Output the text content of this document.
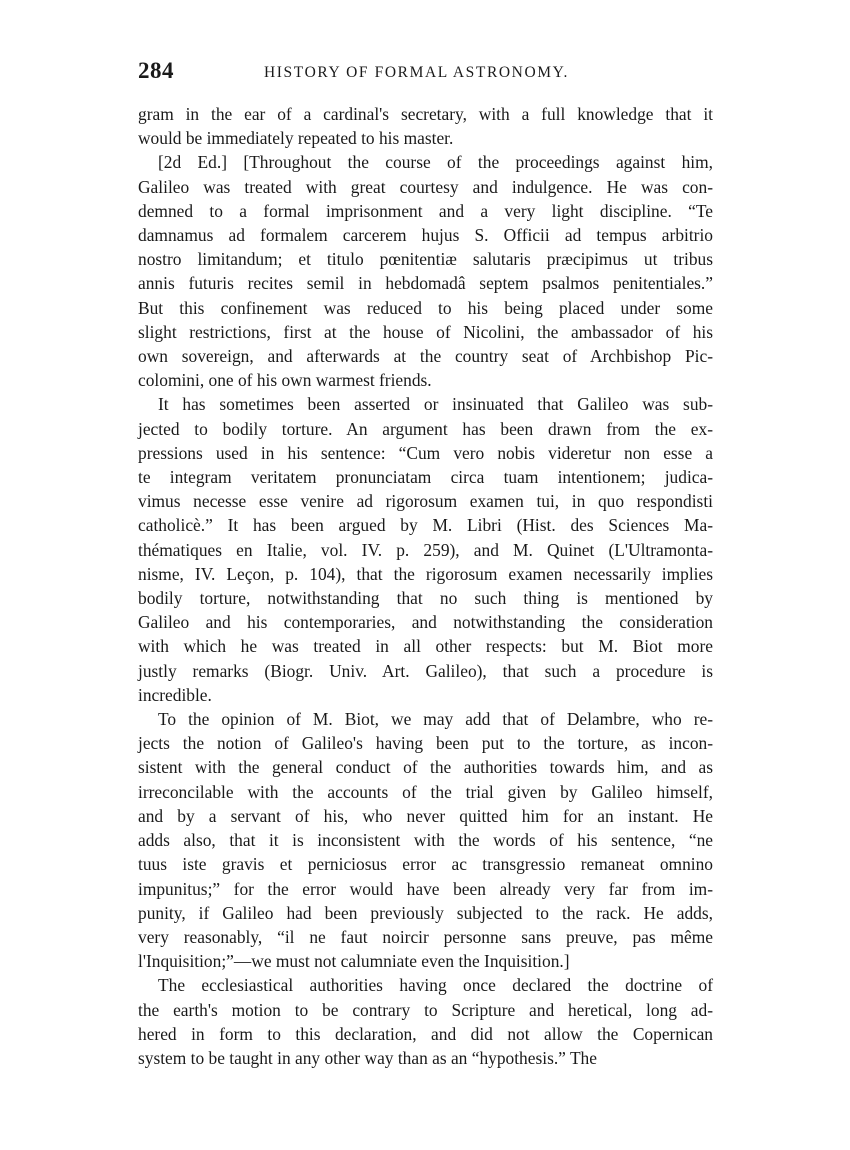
284	HISTORY OF FORMAL ASTRONOMY.

gram in the ear of a cardinal's secretary, with a full knowledge that it
would be immediately repeated to his master.

[2d Ed.] [Throughout the course of the proceedings against him,
Galileo was treated with great courtesy and indulgence. He was con-
demned to a formal imprisonment and a very light discipline. “Te
damnamus ad formalem carcerem hujus S. Officii ad tempus arbitrio
nostro limitandum; et titulo pœnitentiæ salutaris præcipimus ut tribus
annis futuris recites semil in hebdomadâ septem psalmos penitentiales.”
But this confinement was reduced to his being placed under some
slight restrictions, first at the house of Nicolini, the ambassador of his
own sovereign, and afterwards at the country seat of Archbishop Pic-
colomini, one of his own warmest friends.

It has sometimes been asserted or insinuated that Galileo was sub-
jected to bodily torture. An argument has been drawn from the ex-
pressions used in his sentence: “Cum vero nobis videretur non esse a
te integram veritatem pronunciatam circa tuam intentionem; judica-
vimus necesse esse venire ad rigorosum examen tui, in quo respondisti
catholicè.” It has been argued by M. Libri (Hist. des Sciences Ma-
thématiques en Italie, vol. IV. p. 259), and M. Quinet (L'Ultramonta-
nisme, IV. Leçon, p. 104), that the rigorosum examen necessarily implies
bodily torture, notwithstanding that no such thing is mentioned by
Galileo and his contemporaries, and notwithstanding the consideration
with which he was treated in all other respects: but M. Biot more
justly remarks (Biogr. Univ. Art. Galileo), that such a procedure is
incredible.

To the opinion of M. Biot, we may add that of Delambre, who re-
jects the notion of Galileo's having been put to the torture, as incon-
sistent with the general conduct of the authorities towards him, and as
irreconcilable with the accounts of the trial given by Galileo himself,
and by a servant of his, who never quitted him for an instant. He
adds also, that it is inconsistent with the words of his sentence, “ne
tuus iste gravis et perniciosus error ac transgressio remaneat omnino
impunitus;” for the error would have been already very far from im-
punity, if Galileo had been previously subjected to the rack. He adds,
very reasonably, “il ne faut noircir personne sans preuve, pas même
l'Inquisition;”—we must not calumniate even the Inquisition.]

The ecclesiastical authorities having once declared the doctrine of
the earth's motion to be contrary to Scripture and heretical, long ad-
hered in form to this declaration, and did not allow the Copernican
system to be taught in any other way than as an “hypothesis.” The
